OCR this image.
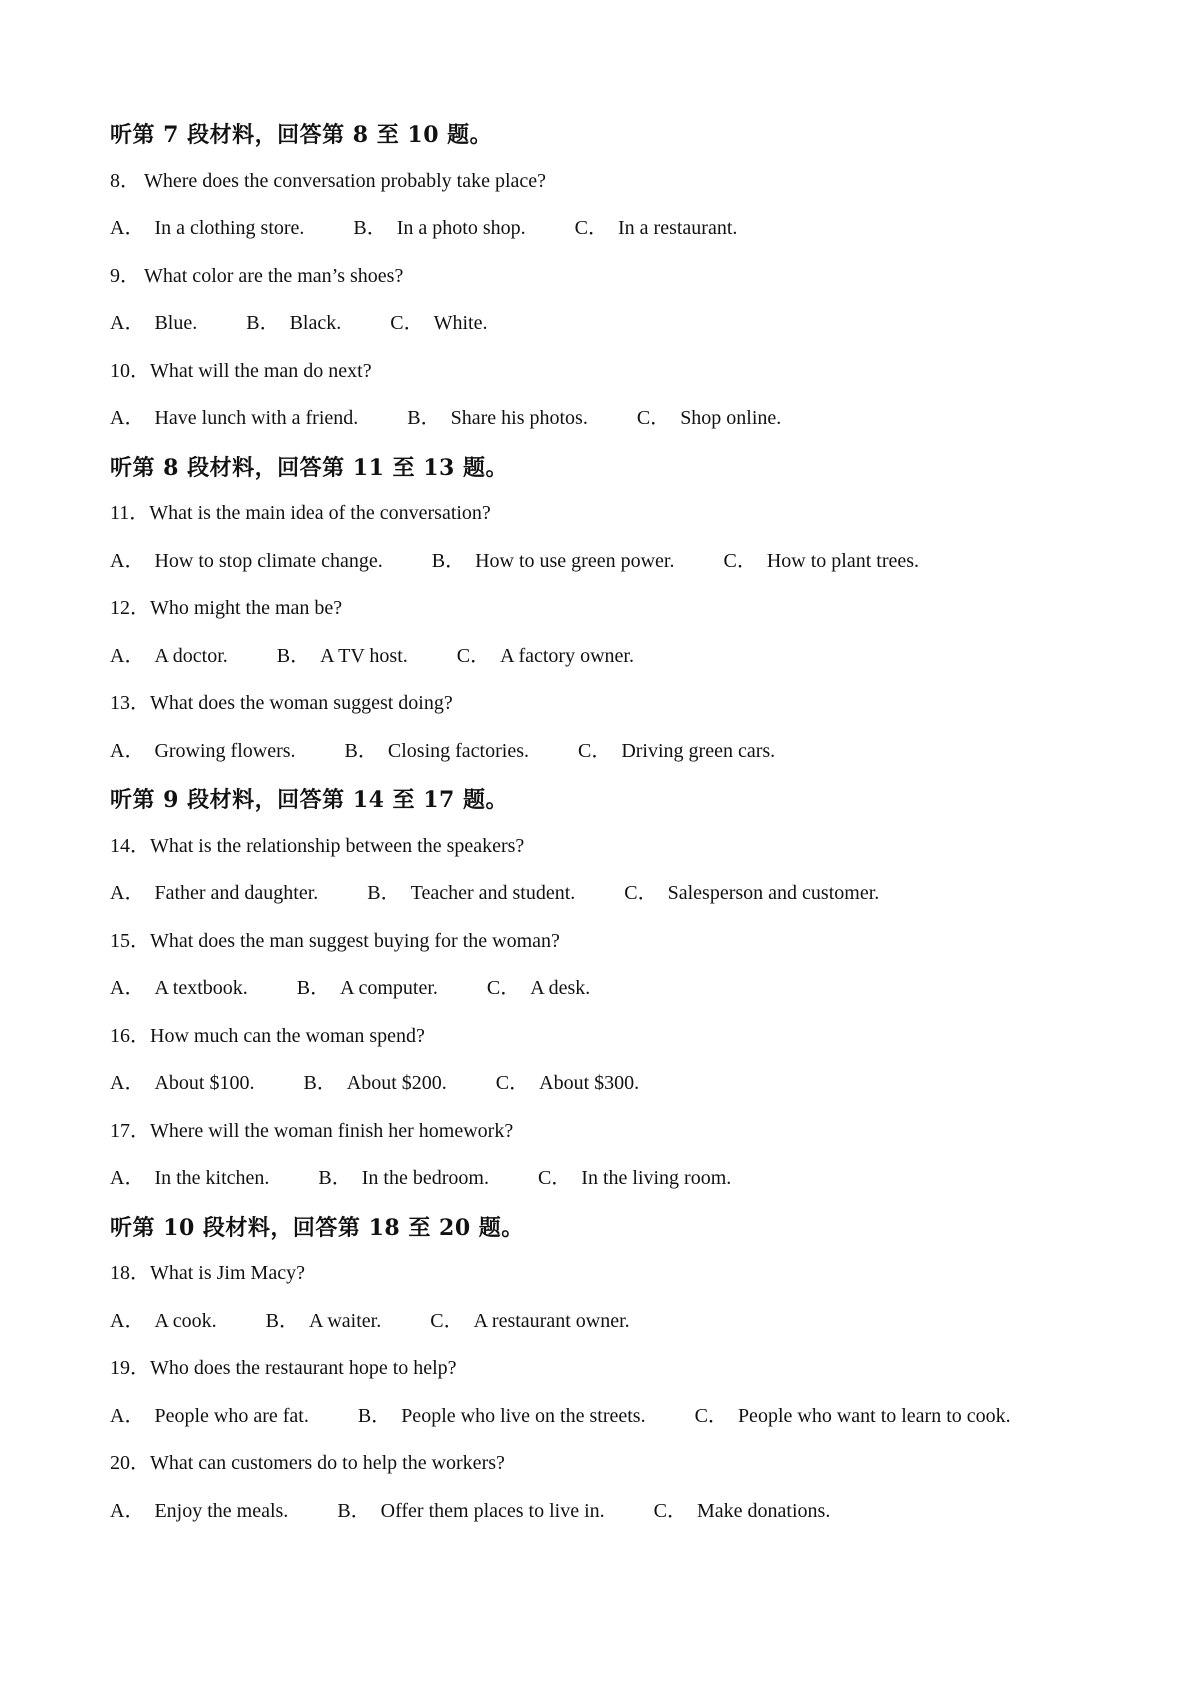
听第 7 段材料，回答第 8 至 10 题。
8． Where does the conversation probably take place?
A． In a clothing store. B． In a photo shop. C． In a restaurant.
9． What color are the man’s shoes?
A． Blue. B． Black. C． White.
10．What will the man do next?
A． Have lunch with a friend. B． Share his photos. C． Shop online.
听第 8 段材料，回答第 11 至 13 题。
11．What is the main idea of the conversation?
A． How to stop climate change. B． How to use green power. C． How to plant trees.
12．Who might the man be?
A． A doctor. B． A TV host. C． A factory owner.
13．What does the woman suggest doing?
A． Growing flowers. B． Closing factories. C． Driving green cars.
听第 9 段材料，回答第 14 至 17 题。
14．What is the relationship between the speakers?
A． Father and daughter. B． Teacher and student. C． Salesperson and customer.
15．What does the man suggest buying for the woman?
A． A textbook. B． A computer. C． A desk.
16．How much can the woman spend?
A． About $100. B． About $200. C． About $300.
17．Where will the woman finish her homework?
A． In the kitchen. B． In the bedroom. C． In the living room.
听第 10 段材料，回答第 18 至 20 题。
18．What is Jim Macy?
A． A cook. B． A waiter. C． A restaurant owner.
19．Who does the restaurant hope to help?
A． People who are fat. B． People who live on the streets. C． People who want to learn to cook.
20．What can customers do to help the workers?
A． Enjoy the meals. B． Offer them places to live in. C． Make donations.
